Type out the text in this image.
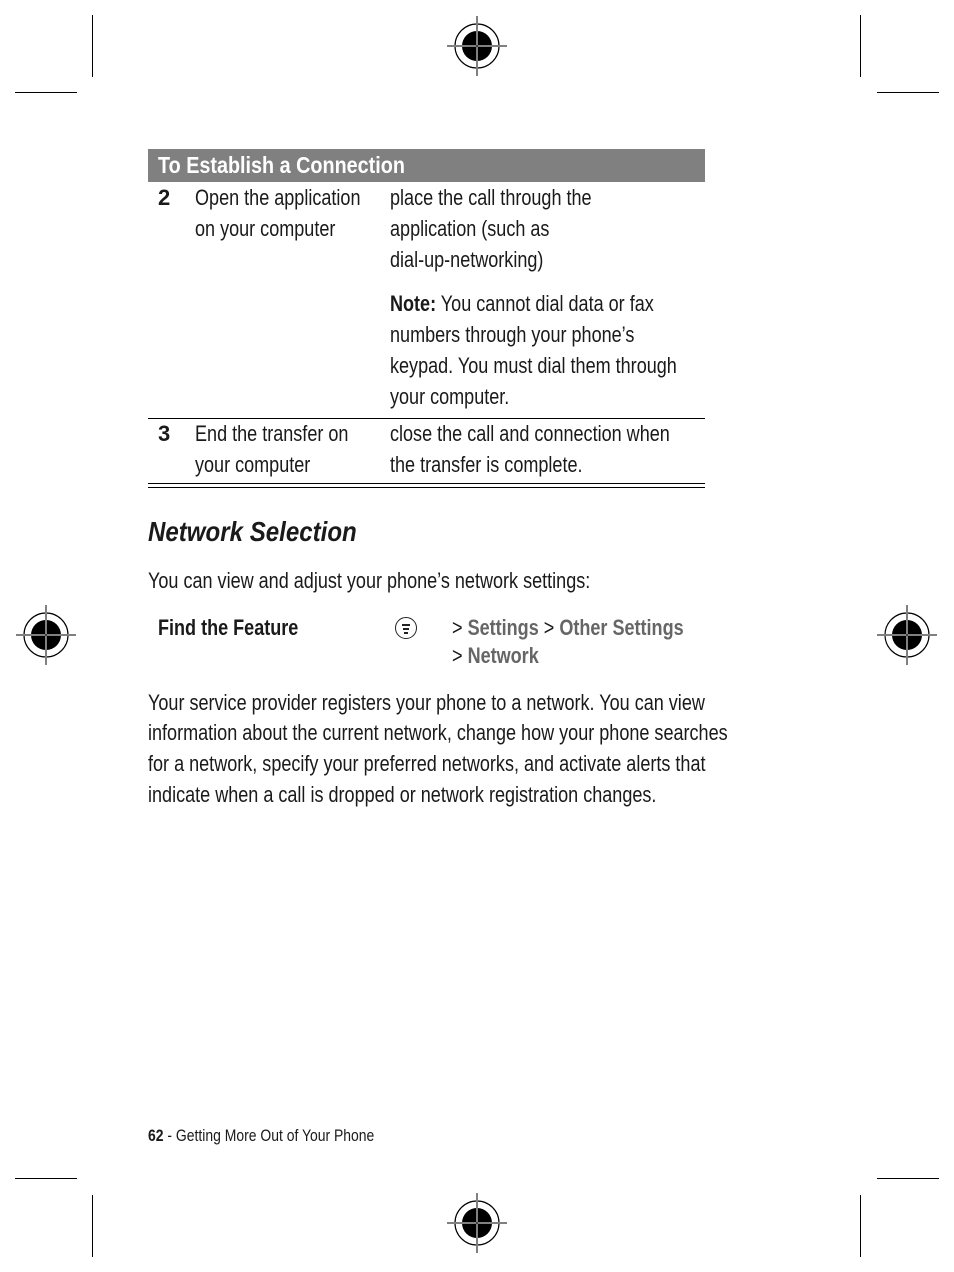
To Establish a Connection
2 Open the application
on your computer
place the call through the
application (such as
dial-up-networking)
Note: You cannot dial data or fax
numbers through your phone’s
keypad. You must dial them through
your computer.
3 End the transfer on
your computer
close the call and connection when
the transfer is complete.
Network Selection
You can view and adjust your phone’s network settings:
Find the Feature	> Settings > Other Settings
> Network
Your service provider registers your phone to a network. You can view
information about the current network, change how your phone searches
for a network, specify your preferred networks, and activate alerts that
indicate when a call is dropped or network registration changes.
62 - Getting More Out of Your Phone
